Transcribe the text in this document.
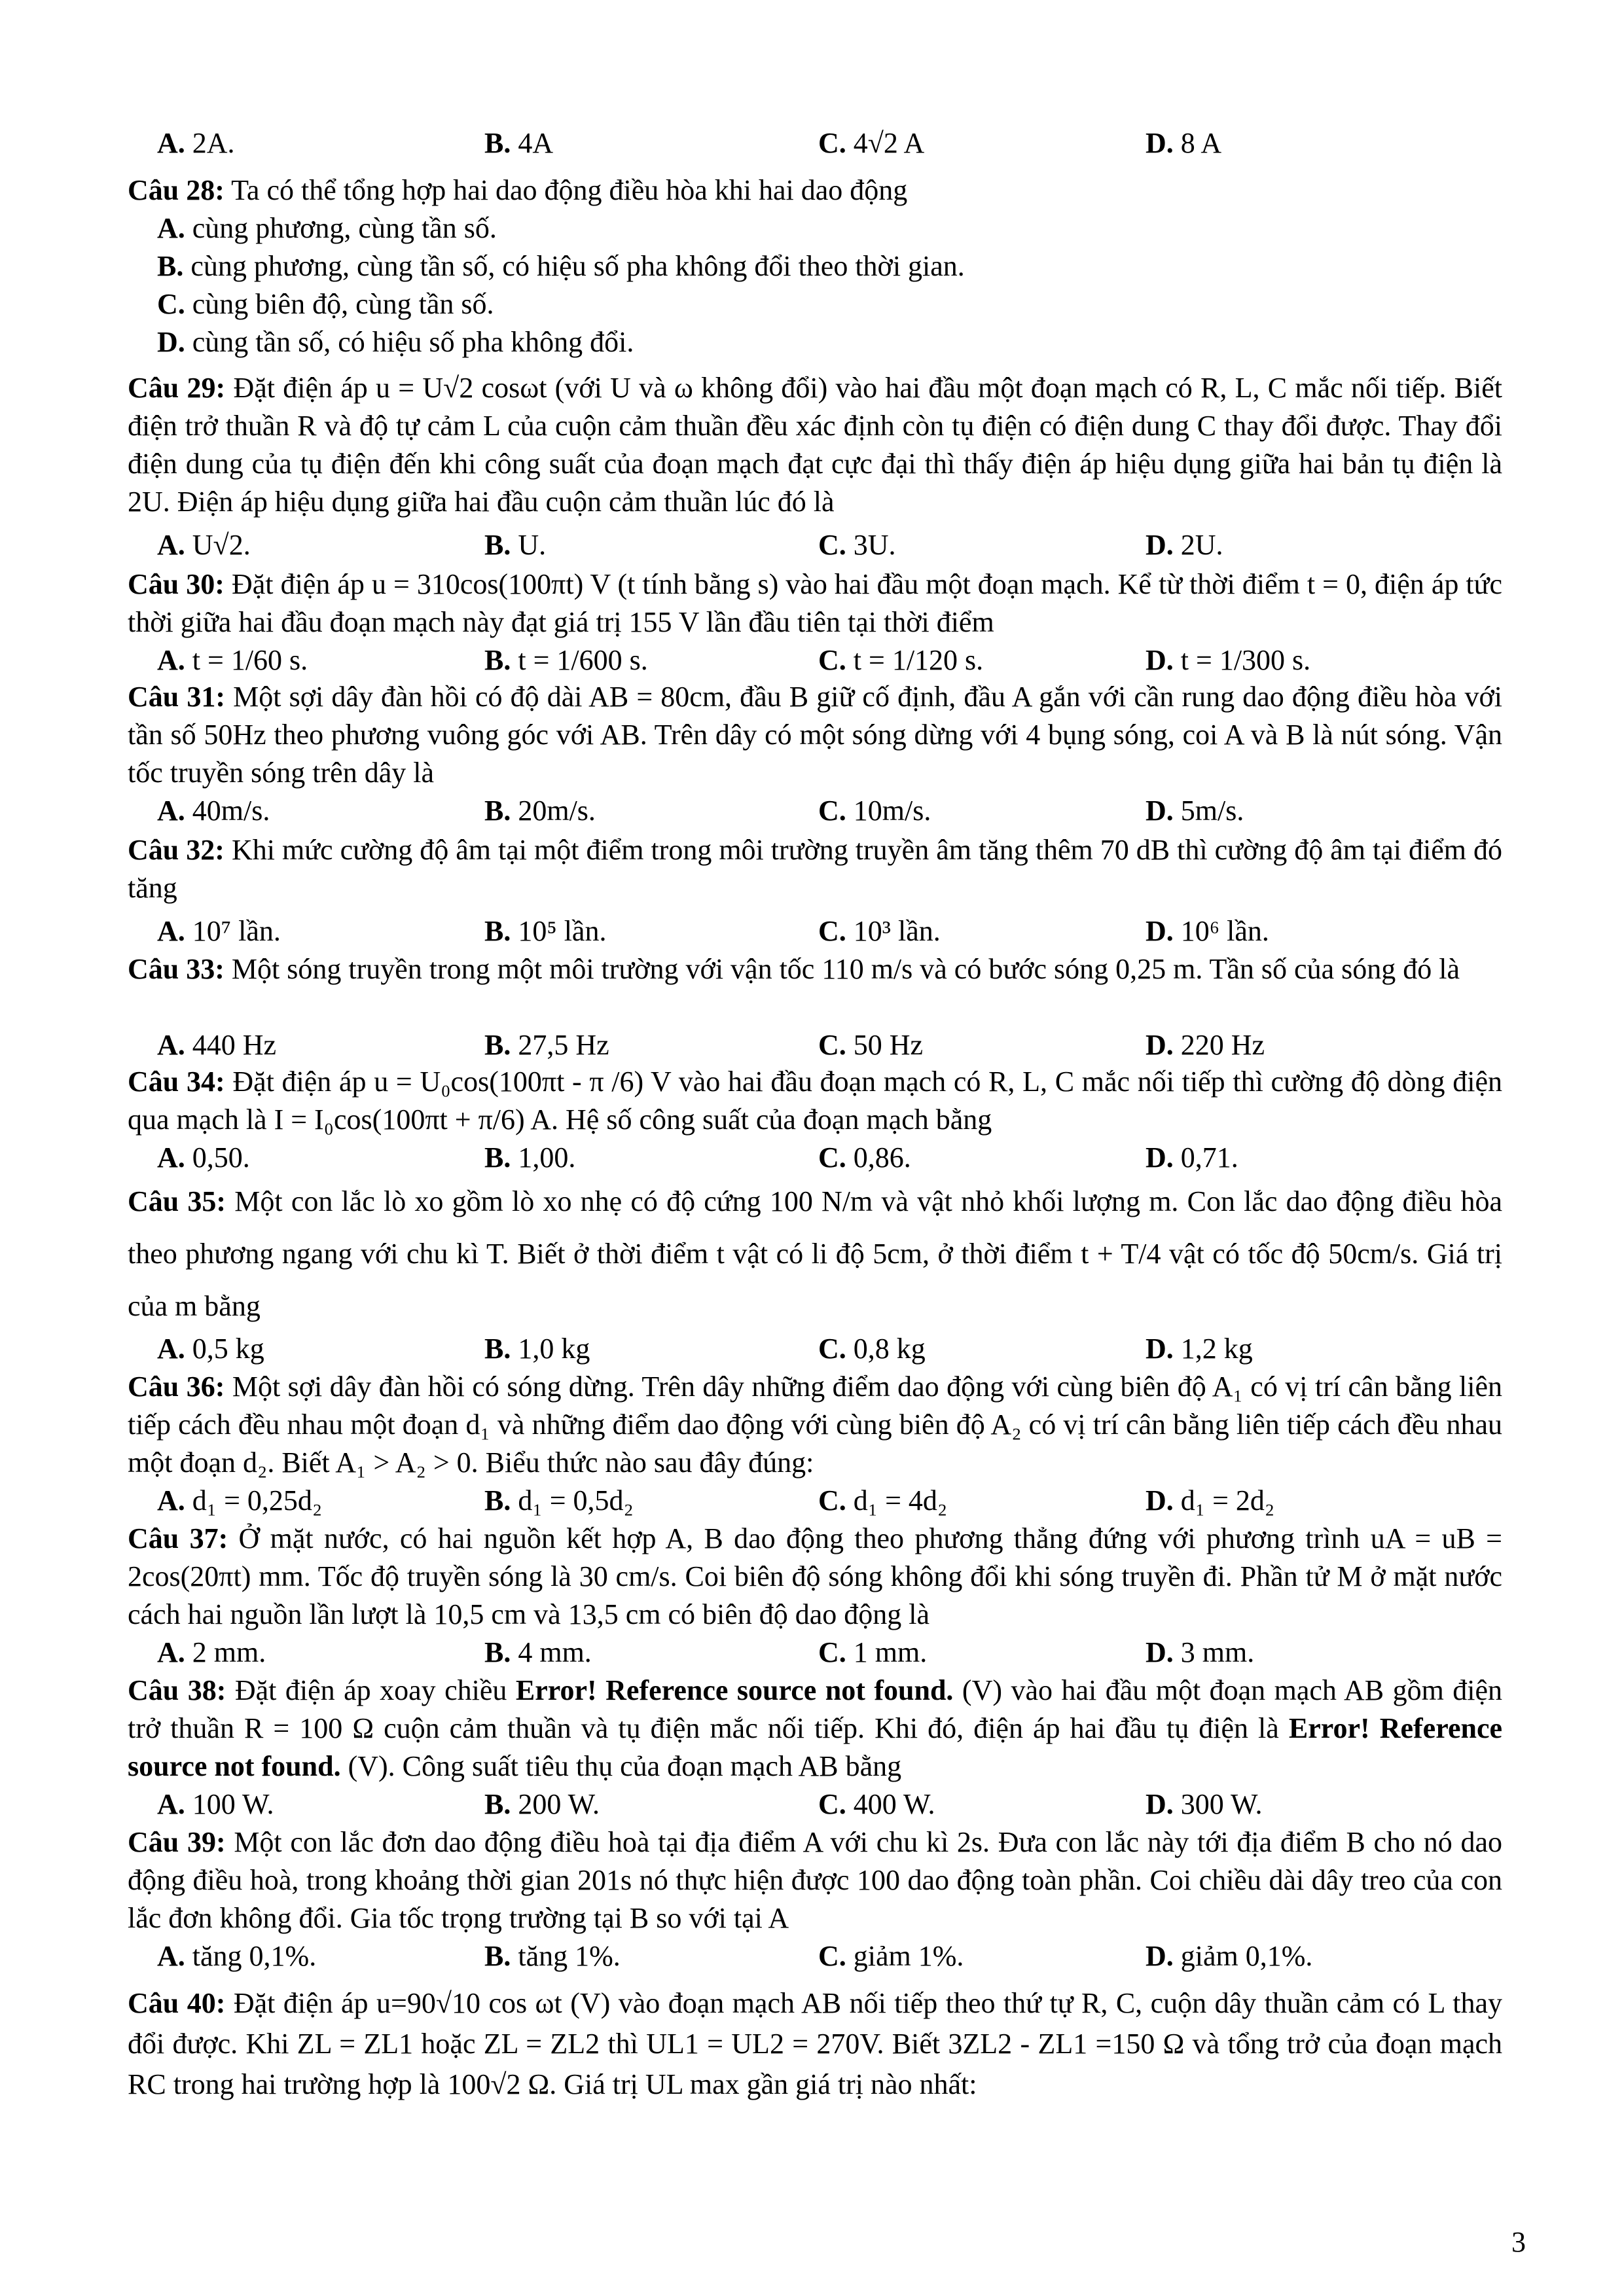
A. 2A.	B. 4A	C. 4√2 A	D. 8 A
Câu 28: Ta có thể tổng hợp hai dao động điều hòa khi hai dao động
A. cùng phương, cùng tần số.
B. cùng phương, cùng tần số, có hiệu số pha không đổi theo thời gian.
C. cùng biên độ, cùng tần số.
D. cùng tần số, có hiệu số pha không đổi.
Câu 29: Đặt điện áp u = U√2 cosωt (với U và ω không đổi) vào hai đầu một đoạn mạch có R, L, C mắc nối tiếp. Biết điện trở thuần R và độ tự cảm L của cuộn cảm thuần đều xác định còn tụ điện có điện dung C thay đổi được. Thay đổi điện dung của tụ điện đến khi công suất của đoạn mạch đạt cực đại thì thấy điện áp hiệu dụng giữa hai bản tụ điện là 2U. Điện áp hiệu dụng giữa hai đầu cuộn cảm thuần lúc đó là
A. U√2.	B. U.	C. 3U.	D. 2U.
Câu 30: Đặt điện áp u = 310cos(100πt) V (t tính bằng s) vào hai đầu một đoạn mạch. Kể từ thời điểm t = 0, điện áp tức thời giữa hai đầu đoạn mạch này đạt giá trị 155 V lần đầu tiên tại thời điểm
A. t = 1/60 s.	B. t = 1/600 s.	C. t = 1/120 s.	D. t = 1/300 s.
Câu 31: Một sợi dây đàn hồi có độ dài AB = 80cm, đầu B giữ cố định, đầu A gắn với cần rung dao động điều hòa với tần số 50Hz theo phương vuông góc với AB. Trên dây có một sóng dừng với 4 bụng sóng, coi A và B là nút sóng. Vận tốc truyền sóng trên dây là
A. 40m/s.	B. 20m/s.	C. 10m/s.	D. 5m/s.
Câu 32: Khi mức cường độ âm tại một điểm trong môi trường truyền âm tăng thêm 70 dB thì cường độ âm tại điểm đó tăng
A. 10⁷ lần.	B. 10⁵ lần.	C. 10³ lần.	D. 10⁶ lần.
Câu 33: Một sóng truyền trong một môi trường với vận tốc 110 m/s và có bước sóng 0,25 m. Tần số của sóng đó là
A. 440 Hz	B. 27,5 Hz	C. 50 Hz	D. 220 Hz
Câu 34: Đặt điện áp u = U₀cos(100πt - π /6) V vào hai đầu đoạn mạch có R, L, C mắc nối tiếp thì cường độ dòng điện qua mạch là I = I₀cos(100πt + π/6) A. Hệ số công suất của đoạn mạch bằng
A. 0,50.	B. 1,00.	C. 0,86.	D. 0,71.
Câu 35: Một con lắc lò xo gồm lò xo nhẹ có độ cứng 100 N/m và vật nhỏ khối lượng m. Con lắc dao động điều hòa theo phương ngang với chu kì T. Biết ở thời điểm t vật có li độ 5cm, ở thời điểm t + T/4 vật có tốc độ 50cm/s. Giá trị của m bằng
A. 0,5 kg	B. 1,0 kg	C. 0,8 kg	D. 1,2 kg
Câu 36: Một sợi dây đàn hồi có sóng dừng. Trên dây những điểm dao động với cùng biên độ A₁ có vị trí cân bằng liên tiếp cách đều nhau một đoạn d₁ và những điểm dao động với cùng biên độ A₂ có vị trí cân bằng liên tiếp cách đều nhau một đoạn d₂. Biết A₁ > A₂ > 0. Biểu thức nào sau đây đúng:
A. d₁ = 0,25d₂	B. d₁ = 0,5d₂	C. d₁ = 4d₂	D. d₁ = 2d₂
Câu 37: Ở mặt nước, có hai nguồn kết hợp A, B dao động theo phương thẳng đứng với phương trình uA = uB = 2cos(20πt) mm. Tốc độ truyền sóng là 30 cm/s. Coi biên độ sóng không đổi khi sóng truyền đi. Phần tử M ở mặt nước cách hai nguồn lần lượt là 10,5 cm và 13,5 cm có biên độ dao động là
A. 2 mm.	B. 4 mm.	C. 1 mm.	D. 3 mm.
Câu 38: Đặt điện áp xoay chiều Error! Reference source not found. (V) vào hai đầu một đoạn mạch AB gồm điện trở thuần R = 100 Ω cuộn cảm thuần và tụ điện mắc nối tiếp. Khi đó, điện áp hai đầu tụ điện là Error! Reference source not found. (V). Công suất tiêu thụ của đoạn mạch AB bằng
A. 100 W.	B. 200 W.	C. 400 W.	D. 300 W.
Câu 39: Một con lắc đơn dao động điều hoà tại địa điểm A với chu kì 2s. Đưa con lắc này tới địa điểm B cho nó dao động điều hoà, trong khoảng thời gian 201s nó thực hiện được 100 dao động toàn phần. Coi chiều dài dây treo của con lắc đơn không đổi. Gia tốc trọng trường tại B so với tại A
A. tăng 0,1%.	B. tăng 1%.	C. giảm 1%.	D. giảm 0,1%.
Câu 40: Đặt điện áp u=90√10 cos ωt (V) vào đoạn mạch AB nối tiếp theo thứ tự R, C, cuộn dây thuần cảm có L thay đổi được. Khi ZL = ZL1 hoặc ZL = ZL2 thì UL1 = UL2 = 270V. Biết 3ZL2 - ZL1 =150 Ω và tổng trở của đoạn mạch RC trong hai trường hợp là 100√2 Ω. Giá trị UL max gần giá trị nào nhất:
3
